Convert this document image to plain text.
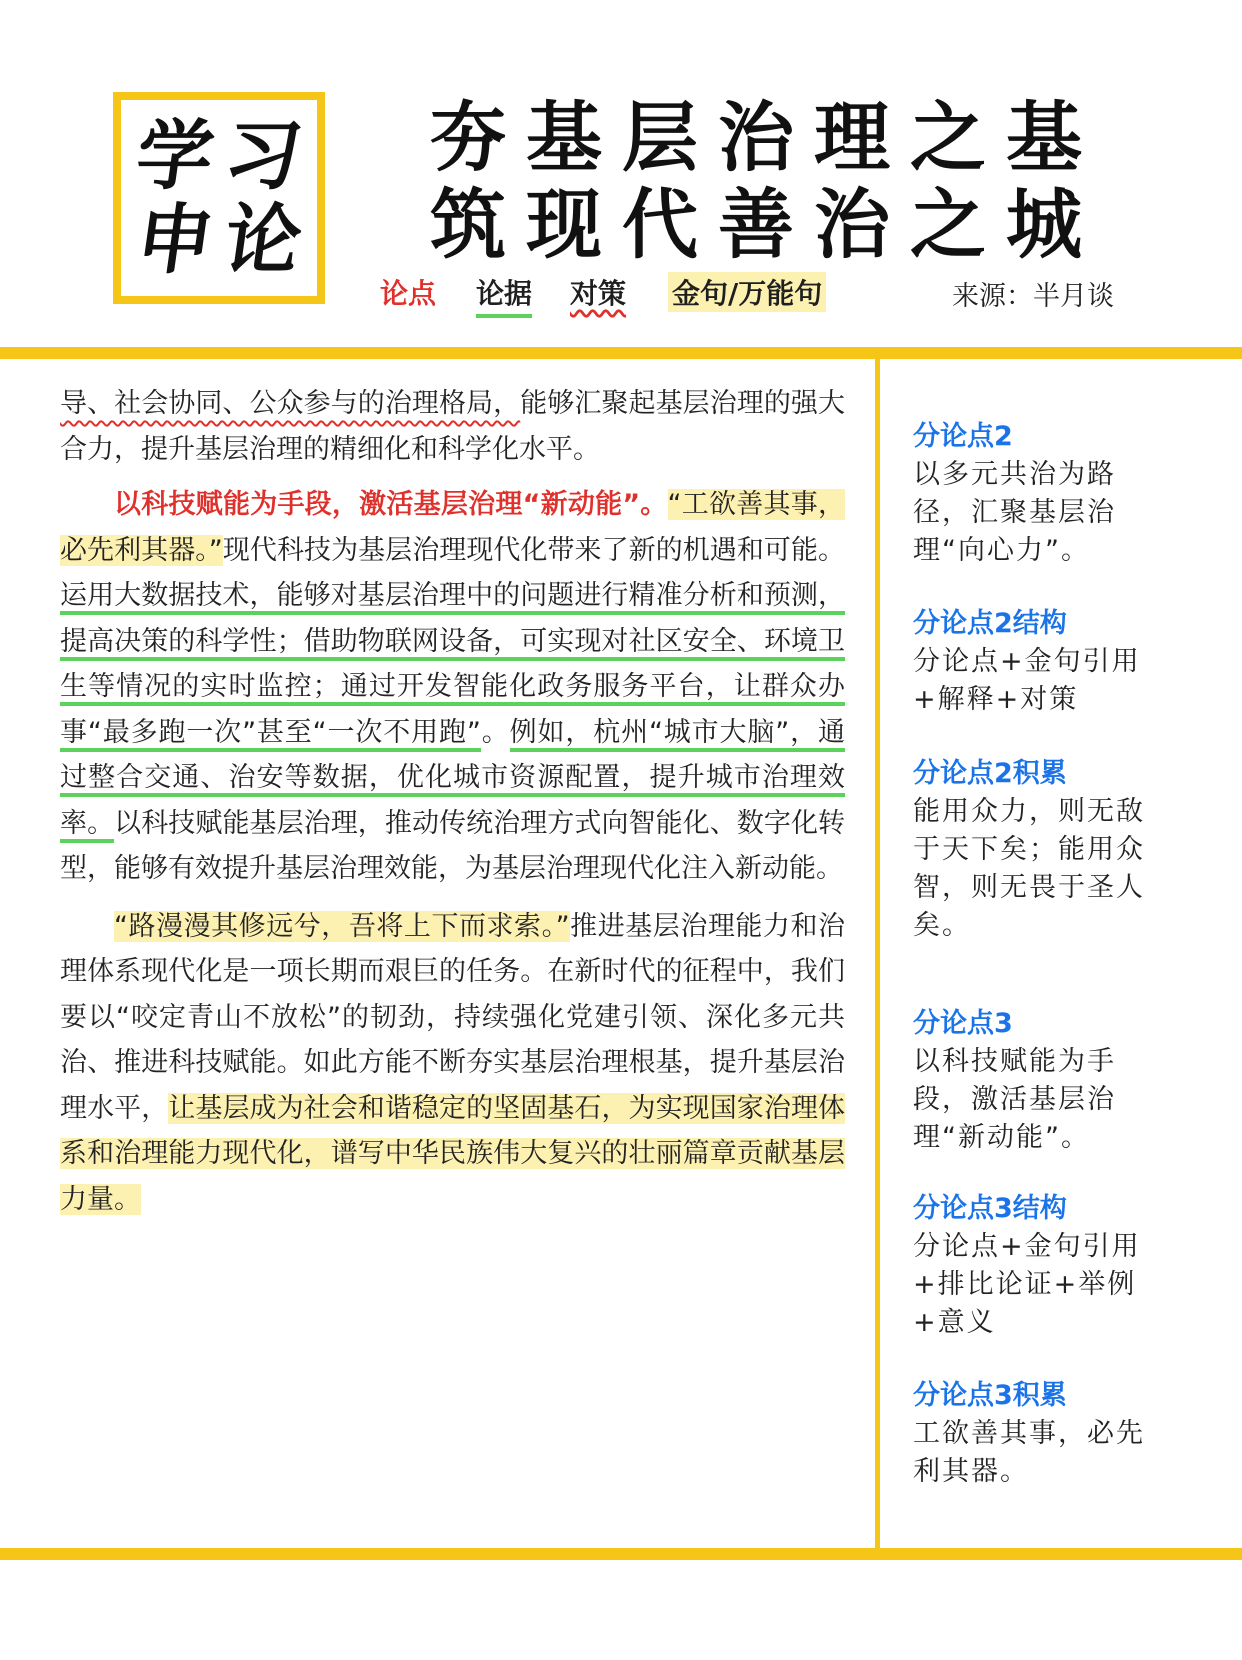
学 习
申 论
夯基层治理之基
筑现代善治之城
论点 论据 对策 金句/万能句	来源：半月谈

导、社会协同、公众参与的治理格局，能够汇聚起基层治理的强大合力，提升基层治理的精细化和科学化水平。

以科技赋能为手段，激活基层治理“新动能”。“工欲善其事，必先利其器。”现代科技为基层治理现代化带来了新的机遇和可能。运用大数据技术，能够对基层治理中的问题进行精准分析和预测，提高决策的科学性；借助物联网设备，可实现对社区安全、环境卫生等情况的实时监控；通过开发智能化政务服务平台，让群众办事“最多跑一次”甚至“一次不用跑”。例如，杭州“城市大脑”，通过整合交通、治安等数据，优化城市资源配置，提升城市治理效率。以科技赋能基层治理，推动传统治理方式向智能化、数字化转型，能够有效提升基层治理效能，为基层治理现代化注入新动能。

“路漫漫其修远兮，吾将上下而求索。”推进基层治理能力和治理体系现代化是一项长期而艰巨的任务。在新时代的征程中，我们要以“咬定青山不放松”的韧劲，持续强化党建引领、深化多元共治、推进科技赋能。如此方能不断夯实基层治理根基，提升基层治理水平，让基层成为社会和谐稳定的坚固基石，为实现国家治理体系和治理能力现代化，谱写中华民族伟大复兴的壮丽篇章贡献基层力量。

分论点2
以多元共治为路径，汇聚基层治理“向心力”。
分论点2结构
分论点+金句引用+解释+对策
分论点2积累
能用众力，则无敌于天下矣；能用众智，则无畏于圣人矣。
分论点3
以科技赋能为手段，激活基层治理“新动能”。
分论点3结构
分论点+金句引用+排比论证+举例+意义
分论点3积累
工欲善其事，必先利其器。
